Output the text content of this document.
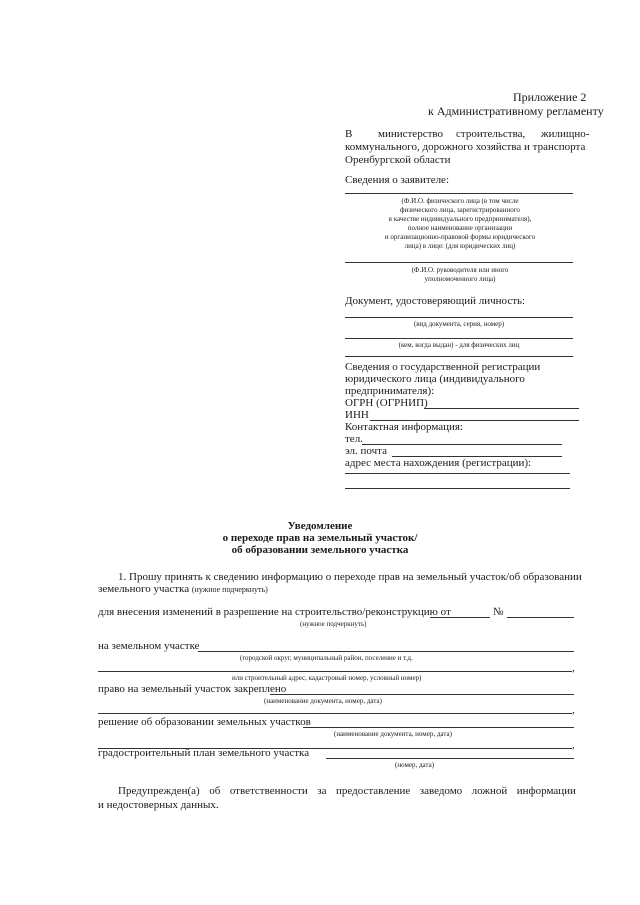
Приложение 2
к Административному регламенту
В министерство строительства, жилищно-
коммунального, дорожного хозяйства и транспорта
Оренбургской области
Сведения о заявителе:
(Ф.И.О. физического лица (в том числе
физического лица, зарегистрированного
в качестве индивидуального предпринимателя),
полное наименование организации
и организационно-правовой формы юридического
лица) в лице: (для юридических лиц)
(Ф.И.О. руководителя или иного
уполномоченного лица)
Документ, удостоверяющий личность:
(вид документа, серия, номер)
(кем, когда выдан) - для физических лиц
Сведения о государственной регистрации
юридического лица (индивидуального
предпринимателя):
ОГРН (ОГРНИП)
ИНН
Контактная информация:
тел.
эл. почта
адрес места нахождения (регистрации):
Уведомление
о переходе прав на земельный участок/
об образовании земельного участка
1. Прошу принять к сведению информацию о переходе прав на земельный участок/об образовании
земельного участка (нужное подчеркнуть)
для внесения изменений в разрешение на строительство/реконструкцию от	№
(нужное подчеркнуть)
на земельном участке
(городской округ, муниципальный район, поселение и т.д.
,
или строительный адрес, кадастровый номер, условный номер)
право на земельный участок закреплено
(наименование документа, номер, дата)
,
решение об образовании земельных участков
(наименование документа, номер, дата)
,
градостроительный план земельного участка
(номер, дата)
Предупрежден(а) об ответственности за предоставление заведомо ложной информации
и недостоверных данных.
